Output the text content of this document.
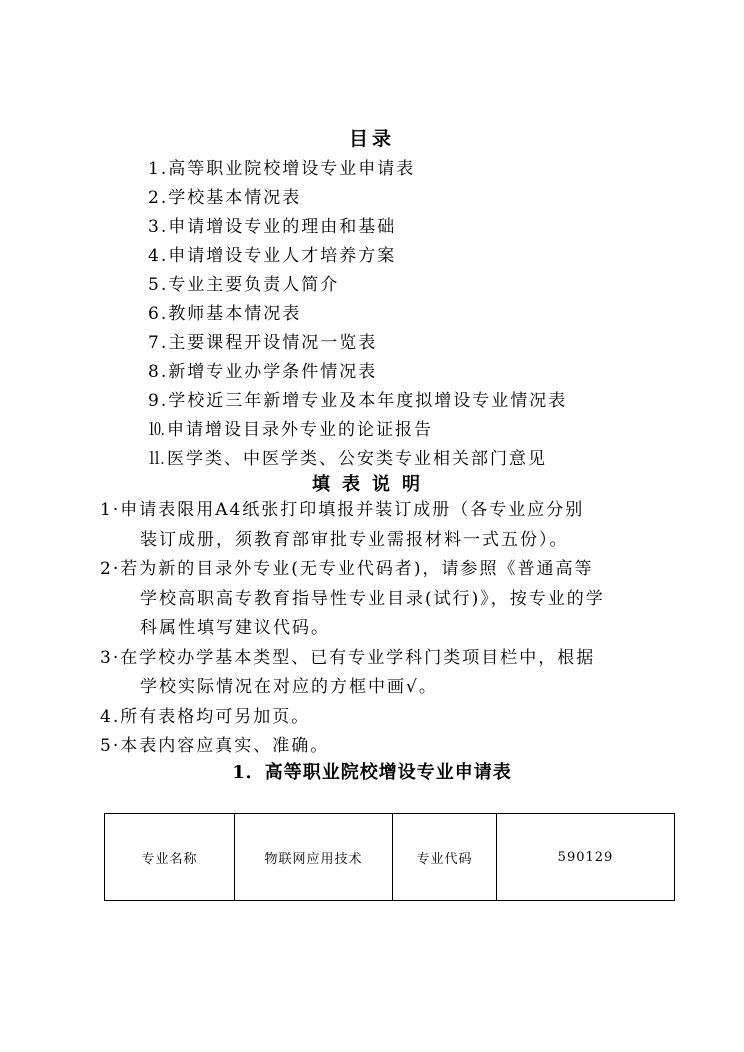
目录
1.高等职业院校增设专业申请表
2.学校基本情况表
3.申请增设专业的理由和基础
4.申请增设专业人才培养方案
5.专业主要负责人简介
6.教师基本情况表
7.主要课程开设情况一览表
8.新增专业办学条件情况表
9.学校近三年新增专业及本年度拟增设专业情况表
⒑申请增设目录外专业的论证报告
⒒医学类、中医学类、公安类专业相关部门意见
填表说明
1·申请表限用A4纸张打印填报并装订成册（各专业应分别
装订成册，须教育部审批专业需报材料一式五份）。
2·若为新的目录外专业(无专业代码者)，请参照《普通高等
学校高职高专教育指导性专业目录(试行)》，按专业的学
科属性填写建议代码。
3·在学校办学基本类型、已有专业学科门类项目栏中，根据
学校实际情况在对应的方框中画√。
4.所有表格均可另加页。
5·本表内容应真实、准确。
1．高等职业院校增设专业申请表
专业名称	物联网应用技术	专业代码	590129
